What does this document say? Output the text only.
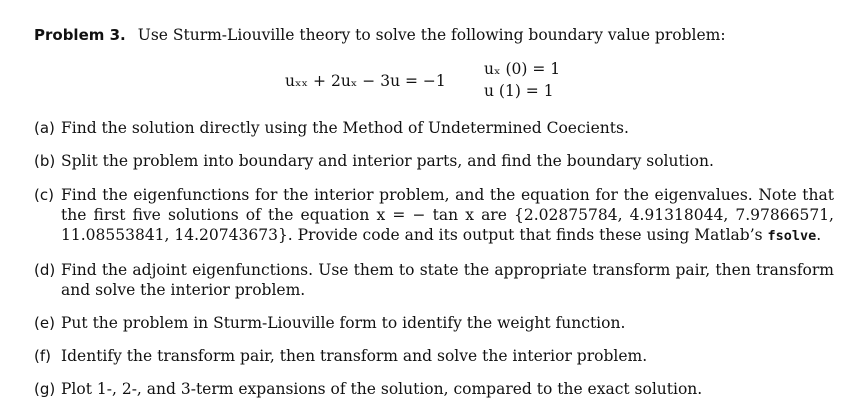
Problem 3. Use Sturm-Liouville theory to solve the following boundary value problem:
uₓₓ + 2uₓ − 3u = −1
uₓ (0) = 1
u (1) = 1
(a) Find the solution directly using the Method of Undetermined Coecients.
(b) Split the problem into boundary and interior parts, and find the boundary solution.
(c) Find the eigenfunctions for the interior problem, and the equation for the eigenvalues. Note that the first five solutions of the equation x = − tan x are {2.02875784, 4.91318044, 7.97866571, 11.08553841, 14.20743673}. Provide code and its output that finds these using Matlab’s fsolve.
(d) Find the adjoint eigenfunctions. Use them to state the appropriate transform pair, then transform and solve the interior problem.
(e) Put the problem in Sturm-Liouville form to identify the weight function.
(f) Identify the transform pair, then transform and solve the interior problem.
(g) Plot 1-, 2-, and 3-term expansions of the solution, compared to the exact solution.
